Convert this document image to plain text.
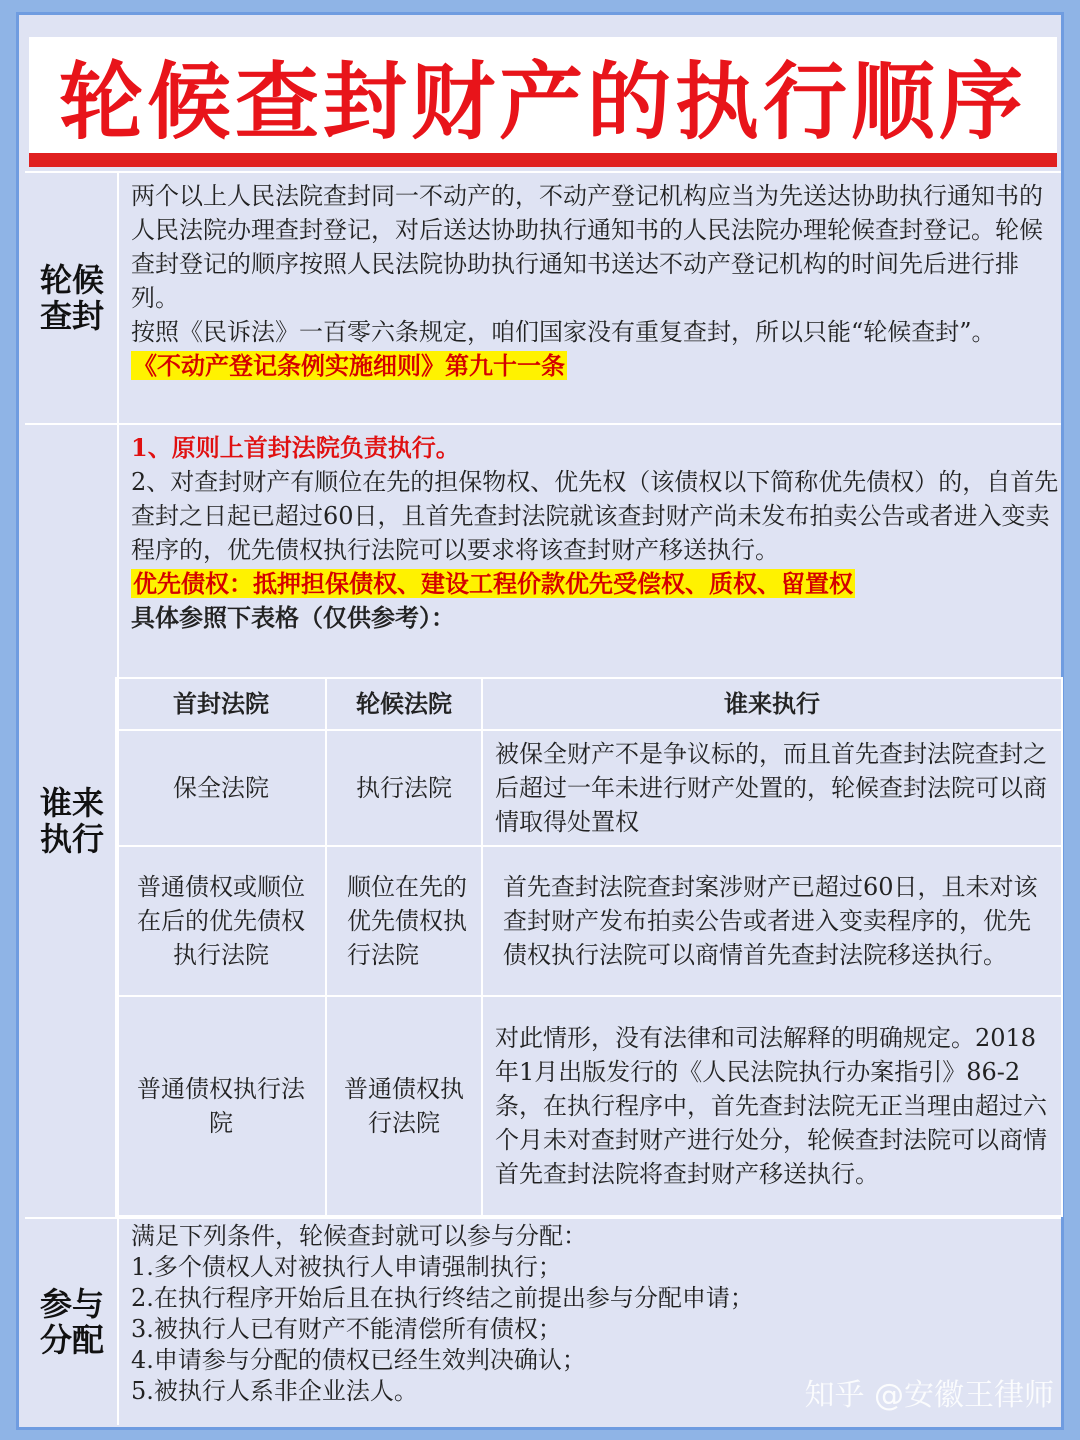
轮候查封财产的执行顺序
轮候
查封

两个以上人民法院查封同一不动产的，不动产登记机构应当为先送达协助执行通知书的人民法院办理查封登记，对后送达协助执行通知书的人民法院办理轮候查封登记。轮候查封登记的顺序按照人民法院协助执行通知书送达不动产登记机构的时间先后进行排列。

按照《民诉法》一百零六条规定，咱们国家没有重复查封，所以只能“轮候查封”。

《不动产登记条例实施细则》第九十一条

谁来
执行

1、原则上首封法院负责执行。

2、对查封财产有顺位在先的担保物权、优先权（该债权以下简称优先债权）的，自首先查封之日起已超过60日，且首先查封法院就该查封财产尚未发布拍卖公告或者进入变卖程序的，优先债权执行法院可以要求将该查封财产移送执行。

优先债权：抵押担保债权、建设工程价款优先受偿权、质权、留置权

具体参照下表格（仅供参考）：

首封法院	轮候法院	谁来执行
保全法院	执行法院	被保全财产不是争议标的，而且首先查封法院查封之后超过一年未进行财产处置的，轮候查封法院可以商情取得处置权
普通债权或顺位在后的优先债权执行法院	顺位在先的优先债权执行法院	首先查封法院查封案涉财产已超过60日，且未对该查封财产发布拍卖公告或者进入变卖程序的，优先债权执行法院可以商情首先查封法院移送执行。
普通债权执行法院	普通债权执行法院	对此情形，没有法律和司法解释的明确规定。2018年1月出版发行的《人民法院执行办案指引》86-2条，在执行程序中，首先查封法院无正当理由超过六个月未对查封财产进行处分，轮候查封法院可以商情首先查封法院将查封财产移送执行。
参与
分配

满足下列条件，轮候查封就可以参与分配：

1.多个债权人对被执行人申请强制执行；

2.在执行程序开始后且在执行终结之前提出参与分配申请；

3.被执行人已有财产不能清偿所有债权；

4.申请参与分配的债权已经生效判决确认；

5.被执行人系非企业法人。	知乎 @安徽王律师
